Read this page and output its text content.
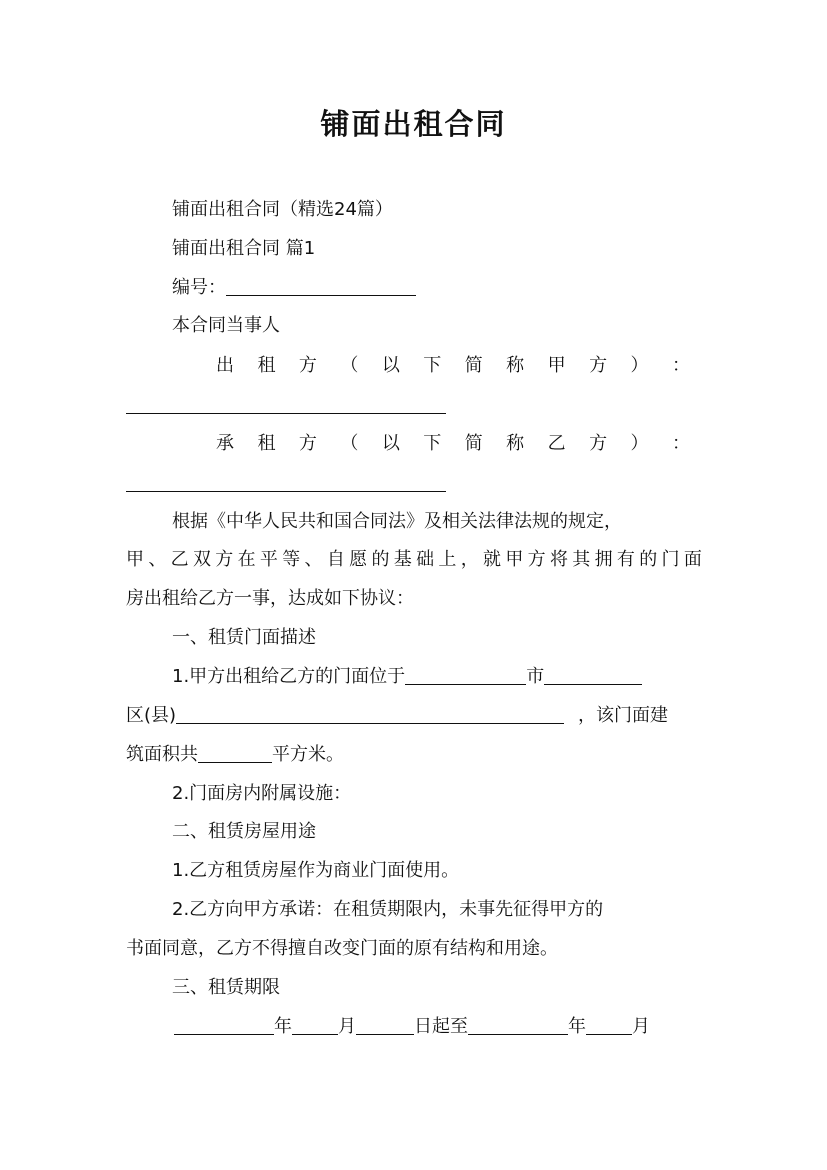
铺面出租合同

铺面出租合同（精选24篇）

铺面出租合同 篇1

编号：

本合同当事人

出 租 方 （ 以 下 简 称 甲 方 ） ：

承 租 方 （ 以 下 简 称 乙 方 ） ：

根据《中华人民共和国合同法》及相关法律法规的规定，

甲 、 乙 双 方 在 平 等 、 自 愿 的 基 础 上 ， 就 甲 方 将 其 拥 有 的 门 面

房出租给乙方一事，达成如下协议：

一、租赁门面描述

1.甲方出租给乙方的门面位于	市

区(县)	，该门面建

筑面积共	平方米。

2.门面房内附属设施：

二、租赁房屋用途

1.乙方租赁房屋作为商业门面使用。

2.乙方向甲方承诺：在租赁期限内，未事先征得甲方的

书面同意，乙方不得擅自改变门面的原有结构和用途。

三、租赁期限

年	月	日起至	年	月
